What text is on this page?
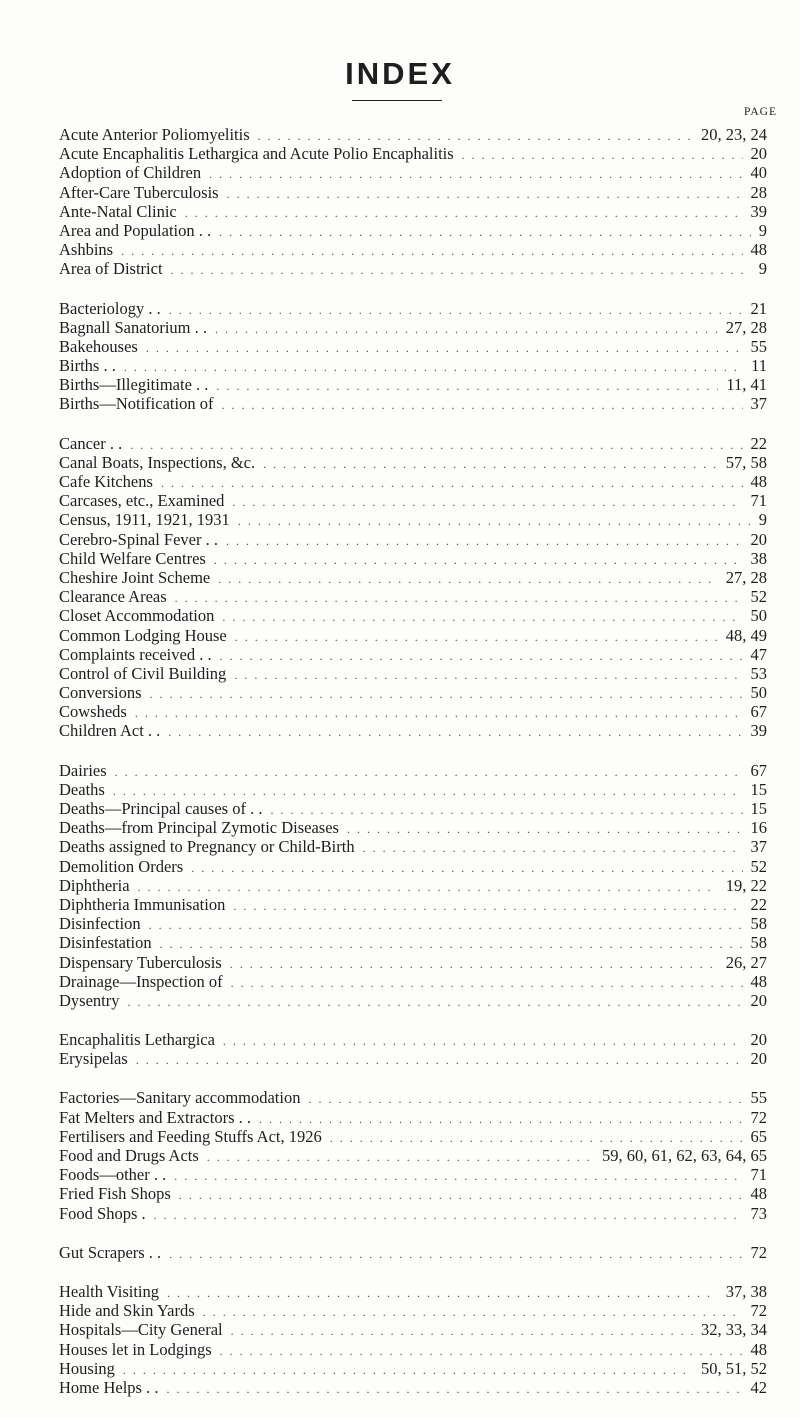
INDEX
PAGE
Acute Anterior Poliomyelitis . . .	20, 23, 24
Acute Encaphalitis Lethargica and Acute Polio Encaphalitis . . .	20
Adoption of Children . . .	40
After-Care Tuberculosis . . .	28
Ante-Natal Clinic . . .	39
Area and Population . . . . .	9
Ashbins . . .	48
Area of District . . .	9
Bacteriology . . . . .	21
Bagnall Sanatorium . . . . .	27, 28
Bakehouses . . .	55
Births . . . . .	11
Births—Illegitimate . . . . .	11, 41
Births—Notification of . . .	37
Cancer . . . . .	22
Canal Boats, Inspections, &c. . . .	57, 58
Cafe Kitchens . . .	48
Carcases, etc., Examined . . .	71
Census, 1911, 1921, 1931 . . .	9
Cerebro-Spinal Fever . . . . .	20
Child Welfare Centres . . .	38
Cheshire Joint Scheme . . .	27, 28
Clearance Areas . . .	52
Closet Accommodation . . .	50
Common Lodging House . . .	48, 49
Complaints received . . . . .	47
Control of Civil Building . . .	53
Conversions . . .	50
Cowsheds . . .	67
Children Act . . . . .	39
Dairies . . .	67
Deaths . . .	15
Deaths—Principal causes of . . . . .	15
Deaths—from Principal Zymotic Diseases . . .	16
Deaths assigned to Pregnancy or Child-Birth . . .	37
Demolition Orders . . .	52
Diphtheria . . .	19, 22
Diphtheria Immunisation . . .	22
Disinfection . . .	58
Disinfestation . . .	58
Dispensary Tuberculosis . . .	26, 27
Drainage—Inspection of . . .	48
Dysentry . . .	20
Encaphalitis Lethargica . . .	20
Erysipelas . . .	20
Factories—Sanitary accommodation . . .	55
Fat Melters and Extractors . . . . .	72
Fertilisers and Feeding Stuffs Act, 1926 . . .	65
Food and Drugs Acts . . .	59, 60, 61, 62, 63, 64, 65
Foods—other . . . . .	71
Fried Fish Shops . . .	48
Food Shops . . . .	73
Gut Scrapers . . . . .	72
Health Visiting . . .	37, 38
Hide and Skin Yards . . .	72
Hospitals—City General . . .	32, 33, 34
Houses let in Lodgings . . .	48
Housing . . .	50, 51, 52
Home Helps . . . . .	42
